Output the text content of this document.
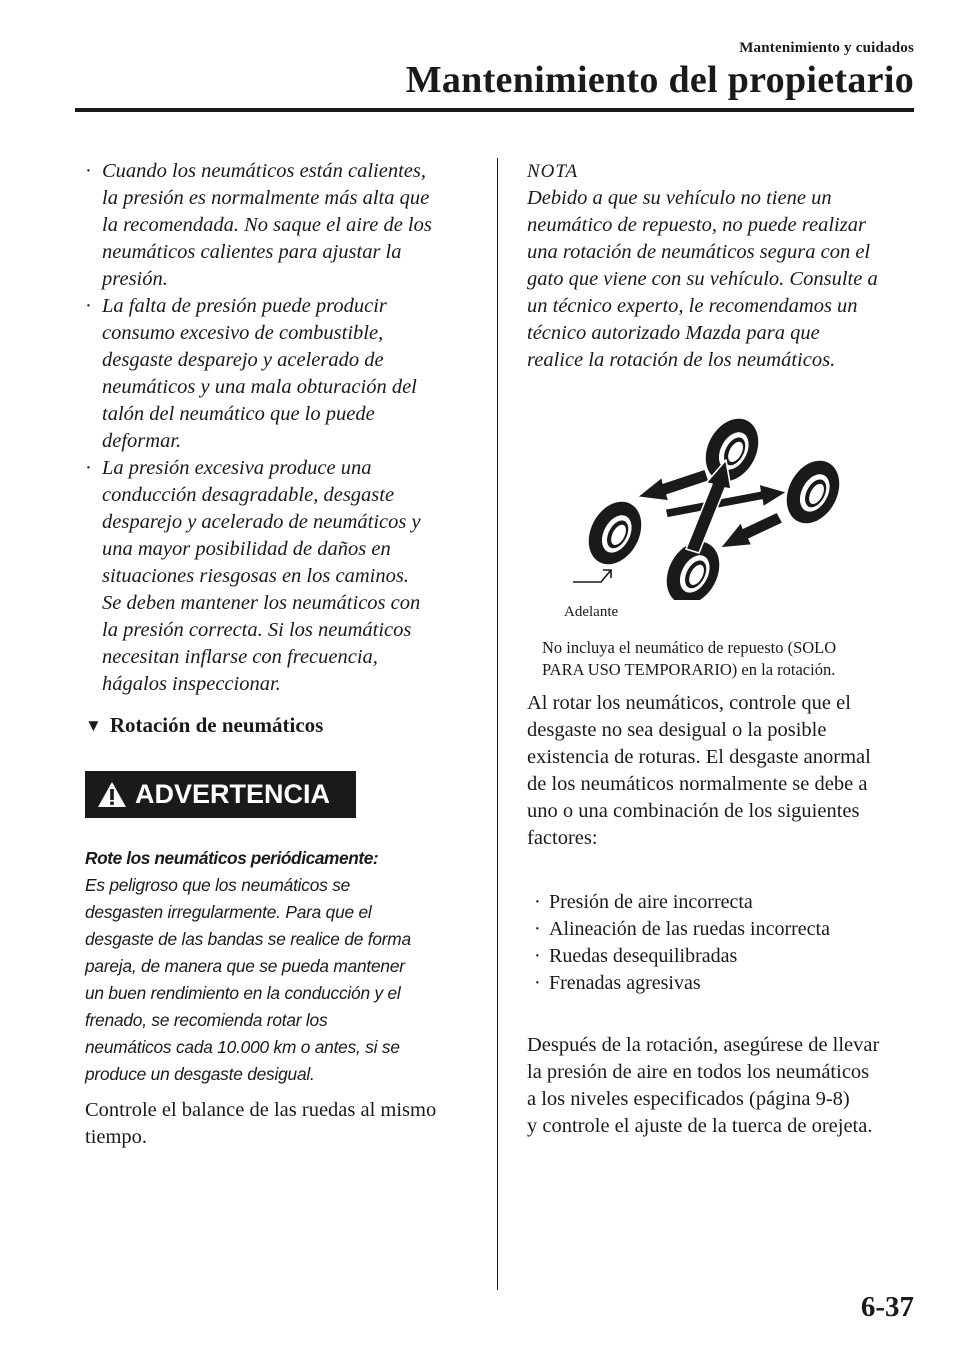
Mantenimiento y cuidados
Mantenimiento del propietario
· Cuando los neumáticos están calientes,
la presión es normalmente más alta que
la recomendada. No saque el aire de los
neumáticos calientes para ajustar la
presión.
· La falta de presión puede producir
consumo excesivo de combustible,
desgaste desparejo y acelerado de
neumáticos y una mala obturación del
talón del neumático que lo puede
deformar.
· La presión excesiva produce una
conducción desagradable, desgaste
desparejo y acelerado de neumáticos y
una mayor posibilidad de daños en
situaciones riesgosas en los caminos.
Se deben mantener los neumáticos con
la presión correcta. Si los neumáticos
necesitan inflarse con frecuencia,
hágalos inspeccionar.
▼ Rotación de neumáticos
ADVERTENCIA
Rote los neumáticos periódicamente:
Es peligroso que los neumáticos se
desgasten irregularmente. Para que el
desgaste de las bandas se realice de forma
pareja, de manera que se pueda mantener
un buen rendimiento en la conducción y el
frenado, se recomienda rotar los
neumáticos cada 10.000 km o antes, si se
produce un desgaste desigual.
Controle el balance de las ruedas al mismo
tiempo.
NOTA
Debido a que su vehículo no tiene un
neumático de repuesto, no puede realizar
una rotación de neumáticos segura con el
gato que viene con su vehículo. Consulte a
un técnico experto, le recomendamos un
técnico autorizado Mazda para que
realice la rotación de los neumáticos.
Adelante
No incluya el neumático de repuesto (SOLO
PARA USO TEMPORARIO) en la rotación.
Al rotar los neumáticos, controle que el
desgaste no sea desigual o la posible
existencia de roturas. El desgaste anormal
de los neumáticos normalmente se debe a
uno o una combinación de los siguientes
factores:
· Presión de aire incorrecta
· Alineación de las ruedas incorrecta
· Ruedas desequilibradas
· Frenadas agresivas
Después de la rotación, asegúrese de llevar
la presión de aire en todos los neumáticos
a los niveles especificados (página 9-8)
y controle el ajuste de la tuerca de orejeta.
6-37
